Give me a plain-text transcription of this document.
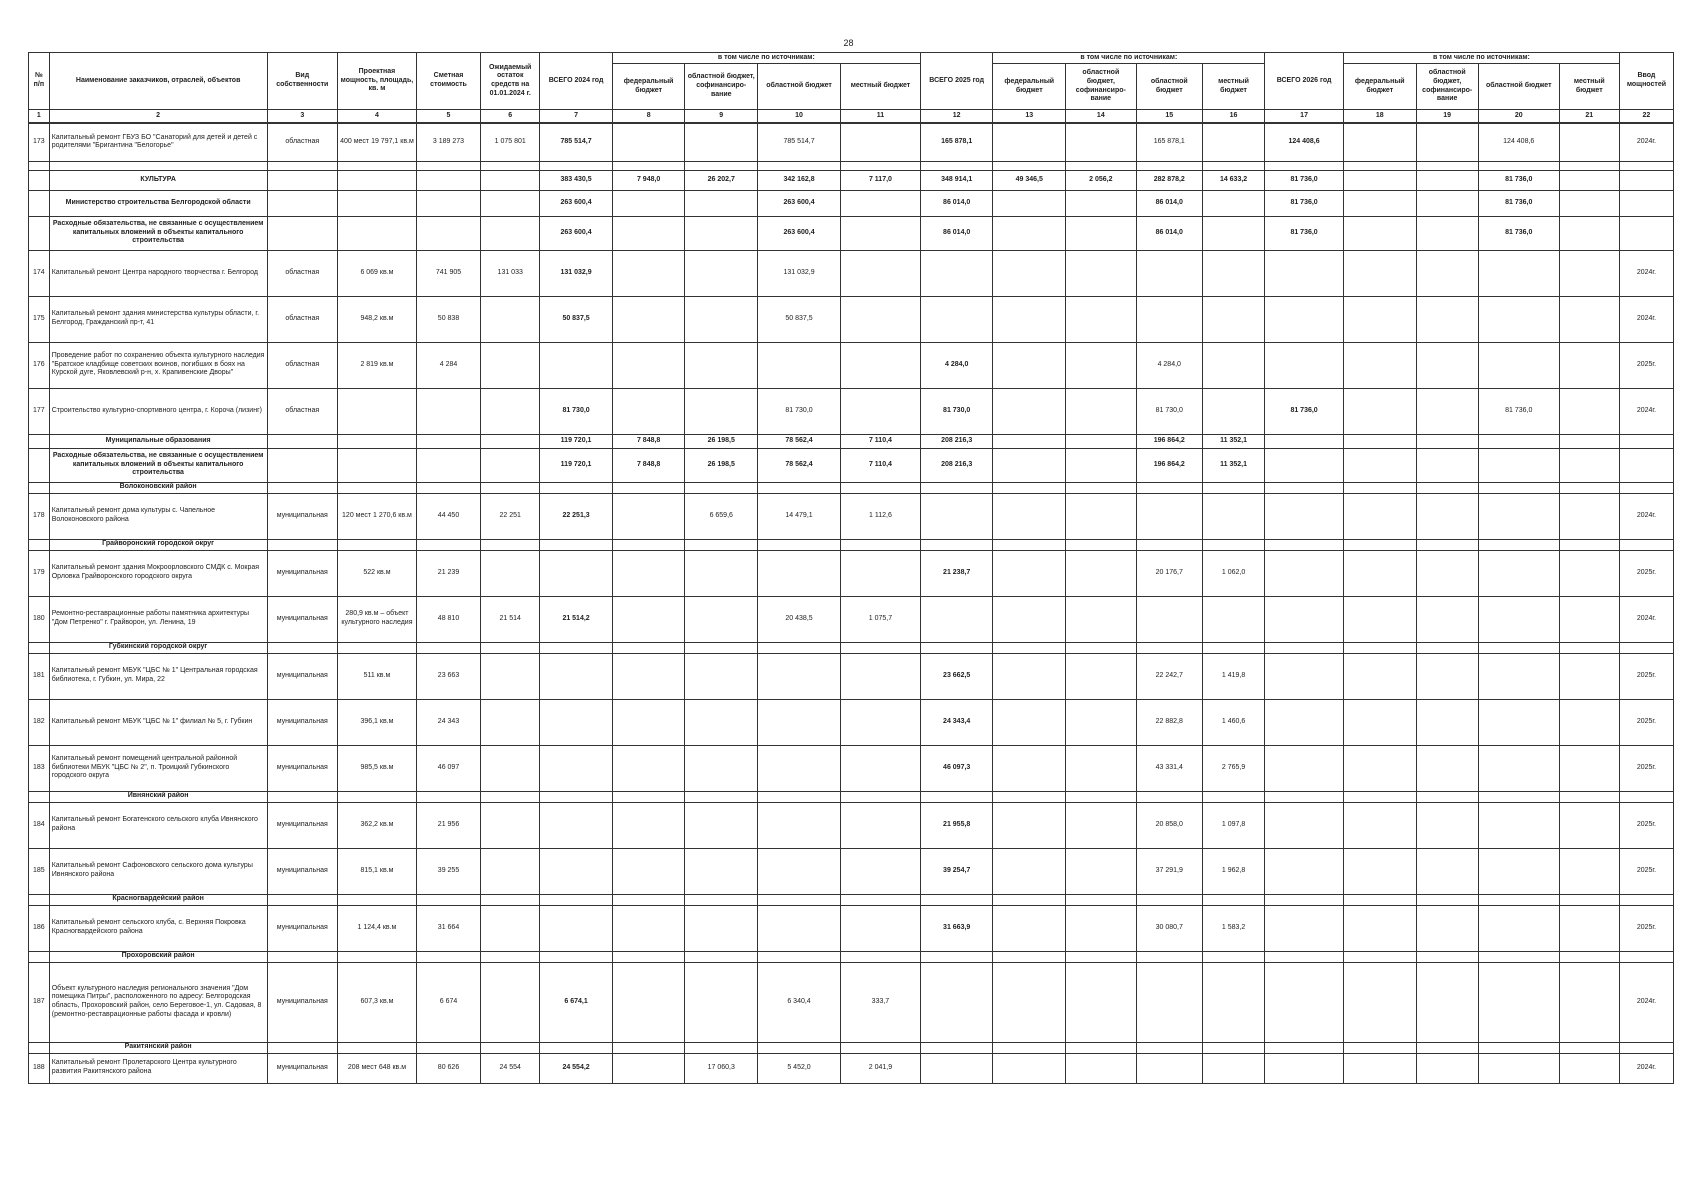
28
№ п/п	Наименование заказчиков, отраслей, объектов	Вид собственности	Проектная мощность, площадь, кв. м	Сметная стоимость	Ожидаемый остаток средств на 01.01.2024 г.	ВСЕГО 2024 год	в том числе по источникам:				ВСЕГО 2025 год	в том числе по источникам:				ВСЕГО 2026 год	в том числе по источникам:				Ввод мощностей
							федеральный бюджет	областной бюджет, софинансиро-вание	областной бюджет	местный бюджет		федеральный бюджет	областной бюджет, софинансиро-вание	областной бюджет	местный бюджет		федеральный бюджет	областной бюджет, софинансиро-вание	областной бюджет	местный бюджет	
1	2	3	4	5	6	7	8	9	10	11	12	13	14	15	16	17	18	19	20	21	22
173	Капитальный ремонт ГБУЗ БО "Санаторий для детей и детей с родителями "Бригантина "Белогорье"	областная	400 мест 19 797,1 кв.м	3 189 273	1 075 801	785 514,7			785 514,7		165 878,1			165 878,1		124 408,6			124 408,6		2024г.

	КУЛЬТУРА					383 430,5	7 948,0	26 202,7	342 162,8	7 117,0	348 914,1	49 346,5	2 056,2	282 878,2	14 633,2	81 736,0			81 736,0		
	Министерство строительства Белгородской области					263 600,4			263 600,4		86 014,0			86 014,0		81 736,0			81 736,0		
	Расходные обязательства, не связанные с осуществлением капитальных вложений в объекты капитального строительства					263 600,4			263 600,4		86 014,0			86 014,0		81 736,0			81 736,0		
174	Капитальный ремонт Центра народного творчества г. Белгород	областная	6 069 кв.м	741 905	131 033	131 032,9			131 032,9												2024г.
175	Капитальный ремонт здания министерства культуры области, г. Белгород, Гражданский пр-т, 41	областная	948,2 кв.м	50 838		50 837,5			50 837,5												2024г.
176	Проведение работ по сохранению объекта культурного наследия "Братское кладбище советских воинов, погибших в боях на Курской дуге, Яковлевский р-н, х. Крапивенские Дворы"	областная	2 819 кв.м	4 284							4 284,0			4 284,0							2025г.
177	Строительство культурно-спортивного центра, г. Короча (лизинг)	областная				81 730,0			81 730,0		81 730,0			81 730,0		81 736,0			81 736,0		2024г.
	Муниципальные образования					119 720,1	7 848,8	26 198,5	78 562,4	7 110,4	208 216,3			196 864,2	11 352,1						
	Расходные обязательства, не связанные с осуществлением капитальных вложений в объекты капитального строительства					119 720,1	7 848,8	26 198,5	78 562,4	7 110,4	208 216,3			196 864,2	11 352,1						
	Волоконовский район																				
178	Капитальный ремонт дома культуры с. Чапельное Волоконовского района	муниципальная	120 мест 1 270,6 кв.м	44 450	22 251	22 251,3		6 659,6	14 479,1	1 112,6											2024г.
	Грайворонский городской округ																				
179	Капитальный ремонт здания Мокроорловского СМДК с. Мокрая Орловка Грайворонского городского округа	муниципальная	522 кв.м	21 239							21 238,7			20 176,7	1 062,0						2025г.
180	Ремонтно-реставрационные работы памятника архитектуры "Дом Петренко" г. Грайворон, ул. Ленина, 19	муниципальная	280,9 кв.м – объект культурного наследия	48 810	21 514	21 514,2			20 438,5	1 075,7											2024г.
	Губкинский городской округ																				
181	Капитальный ремонт МБУК "ЦБС № 1" Центральная городская библиотека, г. Губкин, ул. Мира, 22	муниципальная	511 кв.м	23 663							23 662,5			22 242,7	1 419,8						2025г.
182	Капитальный ремонт МБУК "ЦБС № 1" филиал № 5, г. Губкин	муниципальная	396,1 кв.м	24 343							24 343,4			22 882,8	1 460,6						2025г.
183	Капитальный ремонт помещений центральной районной библиотеки МБУК "ЦБС № 2", п. Троицкий Губкинского городского округа	муниципальная	985,5 кв.м	46 097							46 097,3			43 331,4	2 765,9						2025г.
	Ивнянский район																				
184	Капитальный ремонт Богатенского сельского клуба Ивнянского района	муниципальная	362,2 кв.м	21 956							21 955,8			20 858,0	1 097,8						2025г.
185	Капитальный ремонт Сафоновского сельского дома культуры Ивнянского района	муниципальная	815,1 кв.м	39 255							39 254,7			37 291,9	1 962,8						2025г.
	Красногвардейский район																				
186	Капитальный ремонт сельского клуба, с. Верхняя Покровка Красногвардейского района	муниципальная	1 124,4 кв.м	31 664							31 663,9			30 080,7	1 583,2						2025г.
	Прохоровский район																				
187	Объект культурного наследия регионального значения "Дом помещика Питры", расположенного по адресу: Белгородская область, Прохоровский район, село Береговое-1, ул. Садовая, 8 (ремонтно-реставрационные работы фасада и кровли)	муниципальная	607,3 кв.м	6 674		6 674,1			6 340,4	333,7											2024г.
	Ракитянский район																				
188	Капитальный ремонт Пролетарского Центра культурного развития Ракитянского района	муниципальная	208 мест 648 кв.м	80 626	24 554	24 554,2		17 060,3	5 452,0	2 041,9											2024г.
